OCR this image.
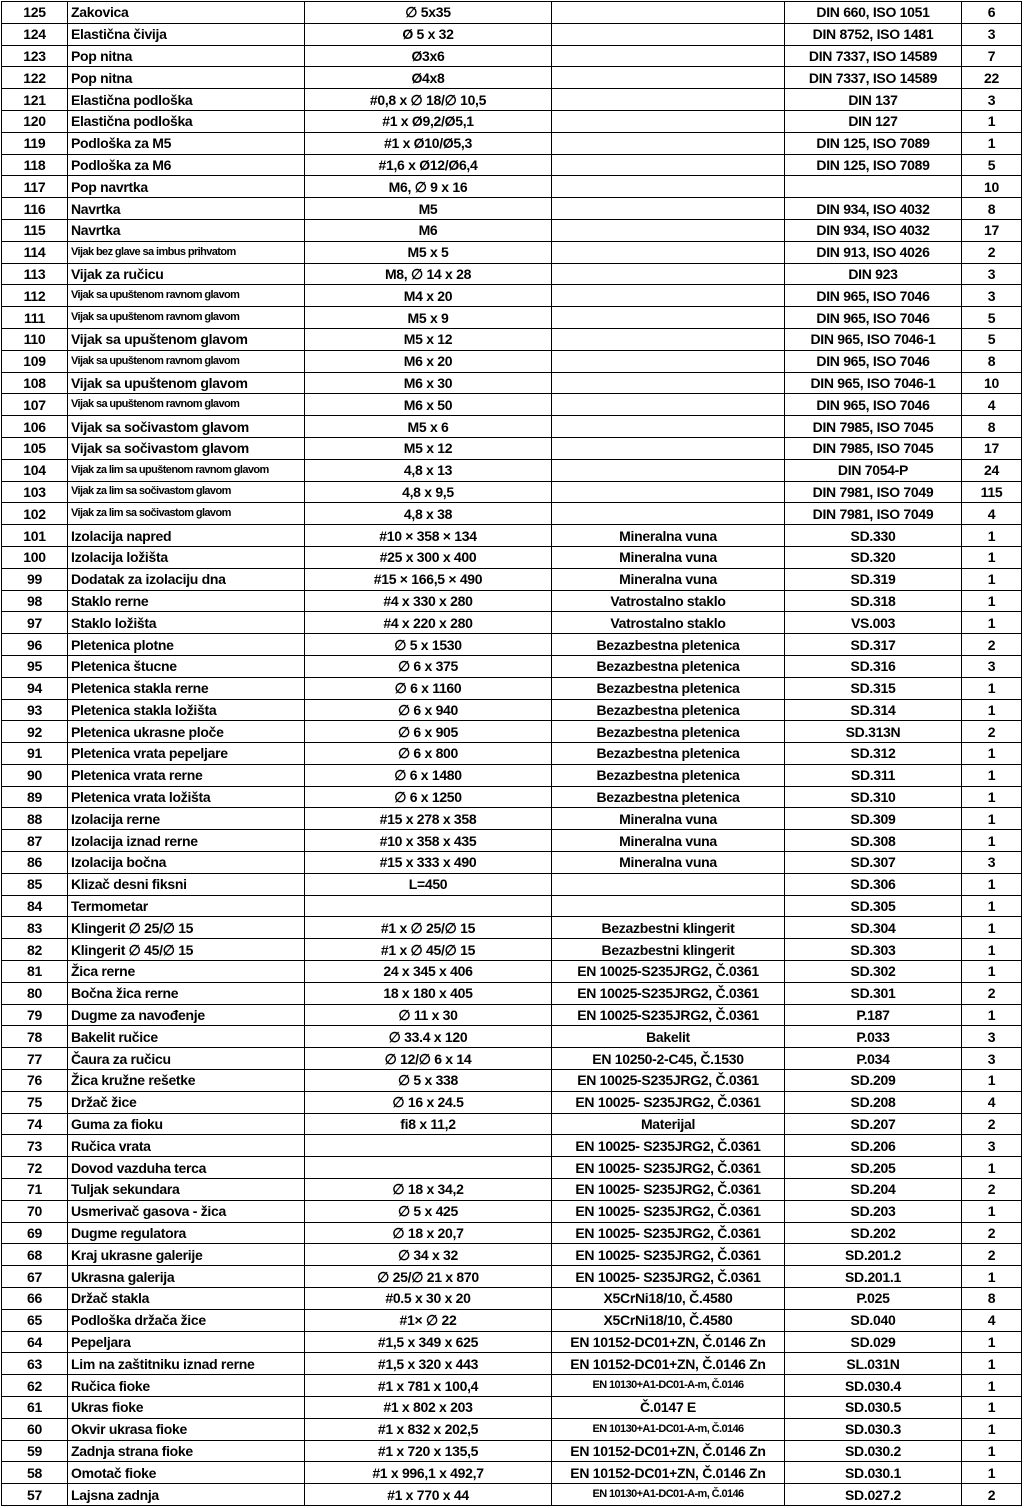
125	Zakovica	∅ 5x35		DIN 660, ISO 1051	6
124	Elastična čivija	Ø 5 x 32		DIN 8752, ISO 1481	3
123	Pop nitna	Ø3x6		DIN 7337, ISO 14589	7
122	Pop nitna	Ø4x8		DIN 7337, ISO 14589	22
121	Elastična podloška	#0,8 x ∅ 18/∅ 10,5		DIN 137	3
120	Elastična podloška	#1 x Ø9,2/Ø5,1		DIN 127	1
119	Podloška za M5	#1 x Ø10/Ø5,3		DIN 125, ISO 7089	1
118	Podloška za M6	#1,6 x Ø12/Ø6,4		DIN 125, ISO 7089	5
117	Pop navrtka	M6, ∅ 9 x 16			10
116	Navrtka	M5		DIN 934, ISO 4032	8
115	Navrtka	M6		DIN 934, ISO 4032	17
114	Vijak bez glave sa imbus prihvatom	M5 x 5		DIN 913, ISO 4026	2
113	Vijak za ručicu	M8, ∅ 14 x 28		DIN 923	3
112	Vijak sa upuštenom ravnom glavom	M4 x 20		DIN 965, ISO 7046	3
111	Vijak sa upuštenom ravnom glavom	M5 x 9		DIN 965, ISO 7046	5
110	Vijak sa upuštenom glavom	M5 x 12		DIN 965, ISO 7046-1	5
109	Vijak sa upuštenom ravnom glavom	M6 x 20		DIN 965, ISO 7046	8
108	Vijak sa upuštenom glavom	M6 x 30		DIN 965, ISO 7046-1	10
107	Vijak sa upuštenom ravnom glavom	M6 x 50		DIN 965, ISO 7046	4
106	Vijak sa sočivastom glavom	M5 x 6		DIN 7985, ISO 7045	8
105	Vijak sa sočivastom glavom	M5 x 12		DIN 7985, ISO 7045	17
104	Vijak za lim sa upuštenom ravnom glavom	4,8 x 13		DIN 7054-P	24
103	Vijak za lim sa sočivastom glavom	4,8 x 9,5		DIN 7981, ISO 7049	115
102	Vijak za lim sa sočivastom glavom	4,8 x 38		DIN 7981, ISO 7049	4
101	Izolacija napred	#10 × 358 × 134	Mineralna vuna	SD.330	1
100	Izolacija ložišta	#25 x 300 x 400	Mineralna vuna	SD.320	1
99	Dodatak za izolaciju dna	#15 × 166,5 × 490	Mineralna vuna	SD.319	1
98	Staklo rerne	#4 x 330 x 280	Vatrostalno staklo	SD.318	1
97	Staklo ložišta	#4 x 220 x 280	Vatrostalno staklo	VS.003	1
96	Pletenica plotne	∅ 5 x 1530	Bezazbestna pletenica	SD.317	2
95	Pletenica štucne	∅ 6 x 375	Bezazbestna pletenica	SD.316	3
94	Pletenica stakla rerne	∅ 6 x 1160	Bezazbestna pletenica	SD.315	1
93	Pletenica stakla ložišta	∅ 6 x 940	Bezazbestna pletenica	SD.314	1
92	Pletenica ukrasne ploče	∅ 6 x 905	Bezazbestna pletenica	SD.313N	2
91	Pletenica vrata pepeljare	∅ 6 x 800	Bezazbestna pletenica	SD.312	1
90	Pletenica vrata rerne	∅ 6 x 1480	Bezazbestna pletenica	SD.311	1
89	Pletenica vrata ložišta	∅ 6 x 1250	Bezazbestna pletenica	SD.310	1
88	Izolacija rerne	#15 x 278 x 358	Mineralna vuna	SD.309	1
87	Izolacija iznad rerne	#10 x 358 x 435	Mineralna vuna	SD.308	1
86	Izolacija bočna	#15 x 333 x 490	Mineralna vuna	SD.307	3
85	Klizač desni fiksni	L=450		SD.306	1
84	Termometar			SD.305	1
83	Klingerit ∅ 25/∅ 15	#1 x ∅ 25/∅ 15	Bezazbestni klingerit	SD.304	1
82	Klingerit ∅ 45/∅ 15	#1 x ∅ 45/∅ 15	Bezazbestni klingerit	SD.303	1
81	Žica rerne	24 x 345 x 406	EN 10025-S235JRG2, Č.0361	SD.302	1
80	Bočna žica rerne	18 x 180 x 405	EN 10025-S235JRG2, Č.0361	SD.301	2
79	Dugme za navođenje	∅ 11 x 30	EN 10025-S235JRG2, Č.0361	P.187	1
78	Bakelit ručice	∅ 33.4 x 120	Bakelit	P.033	3
77	Čaura za ručicu	∅ 12/∅ 6 x 14	EN 10250-2-C45, Č.1530	P.034	3
76	Žica kružne rešetke	∅ 5 x 338	EN 10025-S235JRG2, Č.0361	SD.209	1
75	Držač žice	∅ 16 x 24.5	EN 10025- S235JRG2, Č.0361	SD.208	4
74	Guma za fioku	fi8 x 11,2	Materijal	SD.207	2
73	Ručica vrata		EN 10025- S235JRG2, Č.0361	SD.206	3
72	Dovod vazduha terca		EN 10025- S235JRG2, Č.0361	SD.205	1
71	Tuljak sekundara	∅ 18 x 34,2	EN 10025- S235JRG2, Č.0361	SD.204	2
70	Usmerivač gasova - žica	∅ 5 x 425	EN 10025- S235JRG2, Č.0361	SD.203	1
69	Dugme regulatora	∅ 18 x 20,7	EN 10025- S235JRG2, Č.0361	SD.202	2
68	Kraj ukrasne galerije	∅ 34 x 32	EN 10025- S235JRG2, Č.0361	SD.201.2	2
67	Ukrasna galerija	∅ 25/∅ 21 x 870	EN 10025- S235JRG2, Č.0361	SD.201.1	1
66	Držač stakla	#0.5 x 30 x 20	X5CrNi18/10, Č.4580	P.025	8
65	Podloška držača žice	#1× ∅ 22	X5CrNi18/10, Č.4580	SD.040	4
64	Pepeljara	#1,5 x 349 x 625	EN 10152-DC01+ZN, Č.0146 Zn	SD.029	1
63	Lim na zaštitniku iznad rerne	#1,5 x 320 x 443	EN 10152-DC01+ZN, Č.0146 Zn	SL.031N	1
62	Ručica fioke	#1 x 781 x 100,4	EN 10130+A1-DC01-A-m, Č.0146	SD.030.4	1
61	Ukras fioke	#1 x 802 x 203	Č.0147 E	SD.030.5	1
60	Okvir ukrasa fioke	#1 x 832 x 202,5	EN 10130+A1-DC01-A-m, Č.0146	SD.030.3	1
59	Zadnja strana fioke	#1 x 720 x 135,5	EN 10152-DC01+ZN, Č.0146 Zn	SD.030.2	1
58	Omotač fioke	#1 x 996,1 x 492,7	EN 10152-DC01+ZN, Č.0146 Zn	SD.030.1	1
57	Lajsna zadnja	#1 x 770 x 44	EN 10130+A1-DC01-A-m, Č.0146	SD.027.2	2
